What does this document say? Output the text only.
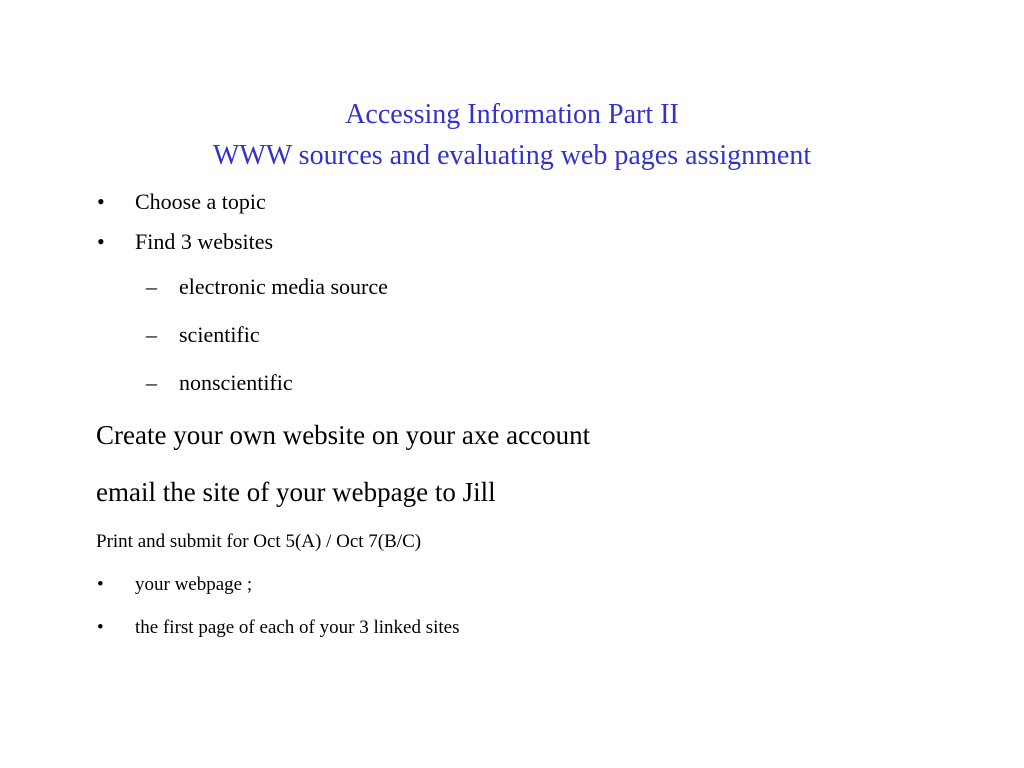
Accessing Information Part II
WWW sources and evaluating web pages assignment
• Choose a topic
• Find 3 websites
– electronic media source
– scientific
– nonscientific
Create your own website on your axe account
email the site of your webpage to Jill
Print and submit for Oct 5(A) / Oct 7(B/C)
• your webpage ;
• the first page of each of your 3 linked sites
